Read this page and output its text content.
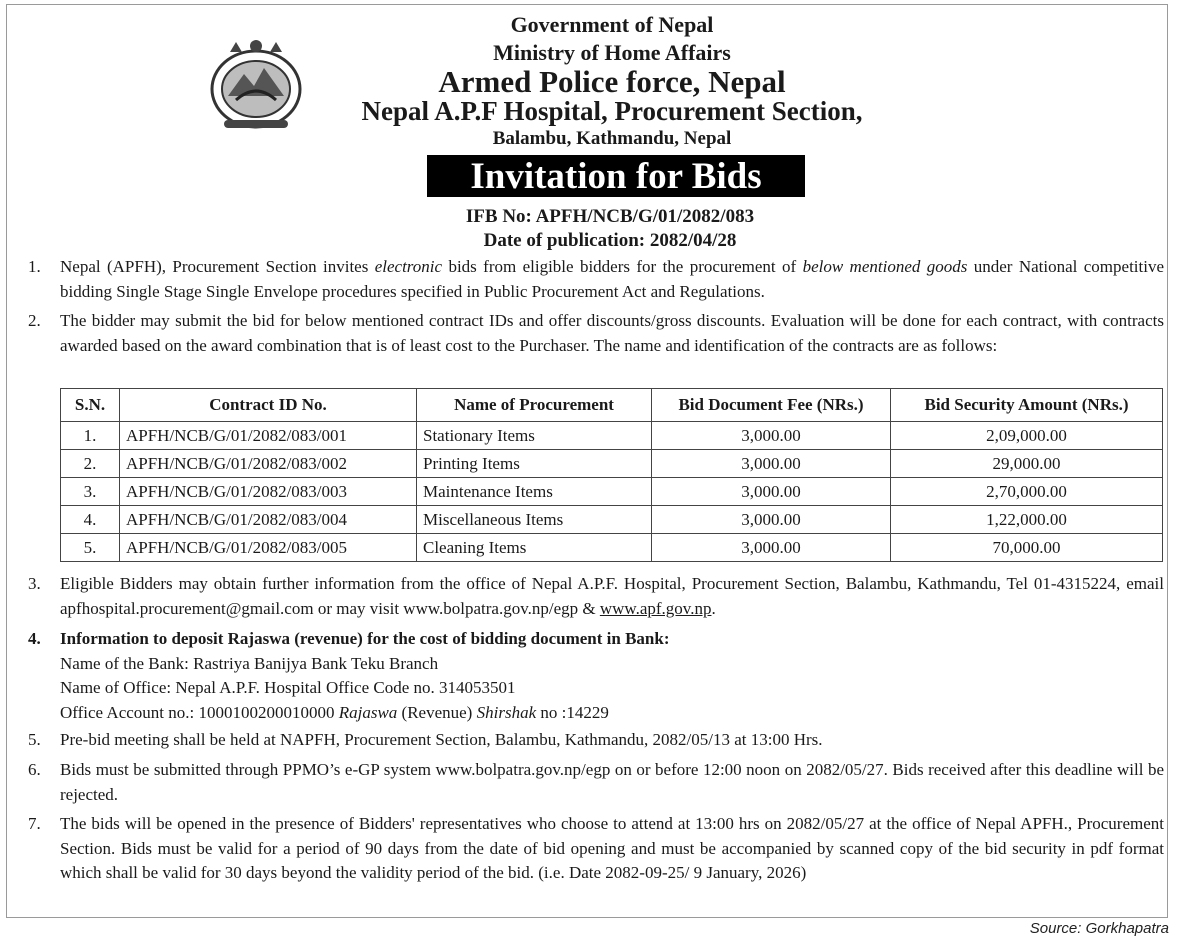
Government of Nepal
Ministry of Home Affairs
Armed Police force, Nepal
Nepal A.P.F Hospital, Procurement Section,
Balambu, Kathmandu, Nepal
Invitation for Bids
IFB No: APFH/NCB/G/01/2082/083
Date of publication: 2082/04/28
1.	Nepal (APFH), Procurement Section invites electronic bids from eligible bidders for the procurement of below mentioned goods under National competitive bidding Single Stage Single Envelope procedures specified in Public Procurement Act and Regulations.
2.	The bidder may submit the bid for below mentioned contract IDs and offer discounts/gross discounts. Evaluation will be done for each contract, with contracts awarded based on the award combination that is of least cost to the Purchaser. The name and identification of the contracts are as follows:
S.N.	Contract ID No.	Name of Procurement	Bid Document Fee (NRs.)	Bid Security Amount (NRs.)
1.	APFH/NCB/G/01/2082/083/001	Stationary Items	3,000.00	2,09,000.00
2.	APFH/NCB/G/01/2082/083/002	Printing Items	3,000.00	29,000.00
3.	APFH/NCB/G/01/2082/083/003	Maintenance Items	3,000.00	2,70,000.00
4.	APFH/NCB/G/01/2082/083/004	Miscellaneous Items	3,000.00	1,22,000.00
5.	APFH/NCB/G/01/2082/083/005	Cleaning Items	3,000.00	70,000.00
3.	Eligible Bidders may obtain further information from the office of Nepal A.P.F. Hospital, Procurement Section, Balambu, Kathmandu, Tel 01-4315224, email apfhospital.procurement@gmail.com or may visit www.bolpatra.gov.np/egp & www.apf.gov.np.
4.	Information to deposit Rajaswa (revenue) for the cost of bidding document in Bank:
Name of the Bank: Rastriya Banijya Bank Teku Branch
Name of Office: Nepal A.P.F. Hospital Office Code no. 314053501
Office Account no.: 1000100200010000 Rajaswa (Revenue) Shirshak no :14229
5.	Pre-bid meeting shall be held at NAPFH, Procurement Section, Balambu, Kathmandu, 2082/05/13 at 13:00 Hrs.
6.	Bids must be submitted through PPMO’s e-GP system www.bolpatra.gov.np/egp on or before 12:00 noon on 2082/05/27. Bids received after this deadline will be rejected.
7.	The bids will be opened in the presence of Bidders' representatives who choose to attend at 13:00 hrs on 2082/05/27 at the office of Nepal APFH., Procurement Section. Bids must be valid for a period of 90 days from the date of bid opening and must be accompanied by scanned copy of the bid security in pdf format which shall be valid for 30 days beyond the validity period of the bid. (i.e. Date 2082-09-25/ 9 January, 2026)
Source: Gorkhapatra
